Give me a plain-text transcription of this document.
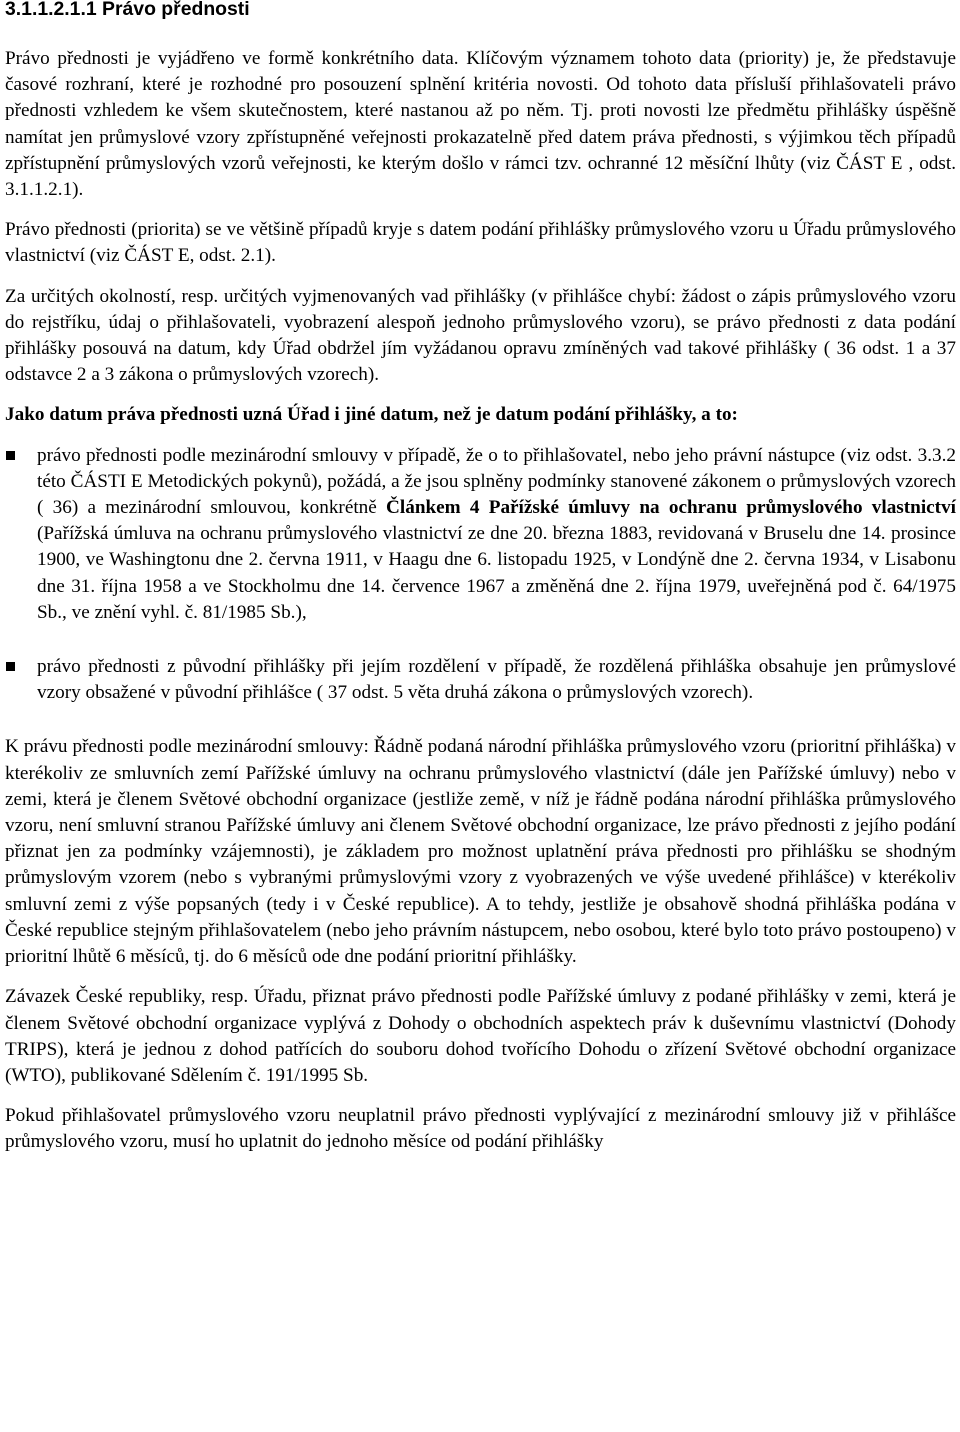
3.1.1.2.1.1 Právo přednosti

Právo přednosti je vyjádřeno ve formě konkrétního data. Klíčovým významem tohoto data (priority) je, že představuje časové rozhraní, které je rozhodné pro posouzení splnění kritéria novosti. Od tohoto data přísluší přihlašovateli právo přednosti vzhledem ke všem skutečnostem, které nastanou až po něm. Tj. proti novosti lze předmětu přihlášky úspěšně namítat jen průmyslové vzory zpřístupněné veřejnosti prokazatelně před datem práva přednosti, s výjimkou těch případů zpřístupnění průmyslových vzorů veřejnosti, ke kterým došlo v rámci tzv. ochranné 12 měsíční lhůty (viz ČÁST E , odst. 3.1.1.2.1).

Právo přednosti (priorita) se ve většině případů kryje s datem podání přihlášky průmyslového vzoru u Úřadu průmyslového vlastnictví (viz ČÁST E, odst. 2.1).

Za určitých okolností, resp. určitých vyjmenovaných vad přihlášky (v přihlášce chybí: žádost o zápis průmyslového vzoru do rejstříku, údaj o přihlašovateli, vyobrazení alespoň jednoho průmyslového vzoru), se právo přednosti z data podání přihlášky posouvá na datum, kdy Úřad obdržel jím vyžádanou opravu zmíněných vad takové přihlášky ( 36 odst. 1 a 37 odstavce 2 a 3 zákona o průmyslových vzorech).

Jako datum práva přednosti uzná Úřad i jiné datum, než je datum podání přihlášky, a to:

právo přednosti podle mezinárodní smlouvy v případě, že o to přihlašovatel, nebo jeho právní nástupce (viz odst. 3.3.2 této ČÁSTI E Metodických pokynů), požádá, a že jsou splněny podmínky stanovené zákonem o průmyslových vzorech ( 36) a mezinárodní smlouvou, konkrétně Článkem 4 Pařížské úmluvy na ochranu průmyslového vlastnictví (Pařížská úmluva na ochranu průmyslového vlastnictví ze dne 20. března 1883, revidovaná v Bruselu dne 14. prosince 1900, ve Washingtonu dne 2. června 1911, v Haagu dne 6. listopadu 1925, v Londýně dne 2. června 1934, v Lisabonu dne 31. října 1958 a ve Stockholmu dne 14. července 1967 a změněná dne 2. října 1979, uveřejněná pod č. 64/1975 Sb., ve znění vyhl. č. 81/1985 Sb.),
právo přednosti z původní přihlášky při jejím rozdělení v případě, že rozdělená přihláška obsahuje jen průmyslové vzory obsažené v původní přihlášce ( 37 odst. 5 věta druhá zákona o průmyslových vzorech).

K právu přednosti podle mezinárodní smlouvy: Řádně podaná národní přihláška průmyslového vzoru (prioritní přihláška) v kterékoliv ze smluvních zemí Pařížské úmluvy na ochranu průmyslového vlastnictví (dále jen Pařížské úmluvy) nebo v zemi, která je členem Světové obchodní organizace (jestliže země, v níž je řádně podána národní přihláška průmyslového vzoru, není smluvní stranou Pařížské úmluvy ani členem Světové obchodní organizace, lze právo přednosti z jejího podání přiznat jen za podmínky vzájemnosti), je základem pro možnost uplatnění práva přednosti pro přihlášku se shodným průmyslovým vzorem (nebo s vybranými průmyslovými vzory z vyobrazených ve výše uvedené přihlášce) v kterékoliv smluvní zemi z výše popsaných (tedy i v České republice). A to tehdy, jestliže je obsahově shodná přihláška podána v České republice stejným přihlašovatelem (nebo jeho právním nástupcem, nebo osobou, které bylo toto právo postoupeno) v prioritní lhůtě 6 měsíců, tj. do 6 měsíců ode dne podání prioritní přihlášky.

Závazek České republiky, resp. Úřadu, přiznat právo přednosti podle Pařížské úmluvy z podané přihlášky v zemi, která je členem Světové obchodní organizace vyplývá z Dohody o obchodních aspektech práv k duševnímu vlastnictví (Dohody TRIPS), která je jednou z dohod patřících do souboru dohod tvořícího Dohodu o zřízení Světové obchodní organizace (WTO), publikované Sdělením č. 191/1995 Sb.

Pokud přihlašovatel průmyslového vzoru neuplatnil právo přednosti vyplývající z mezinárodní smlouvy již v přihlášce průmyslového vzoru, musí ho uplatnit do jednoho měsíce od podání přihlášky
